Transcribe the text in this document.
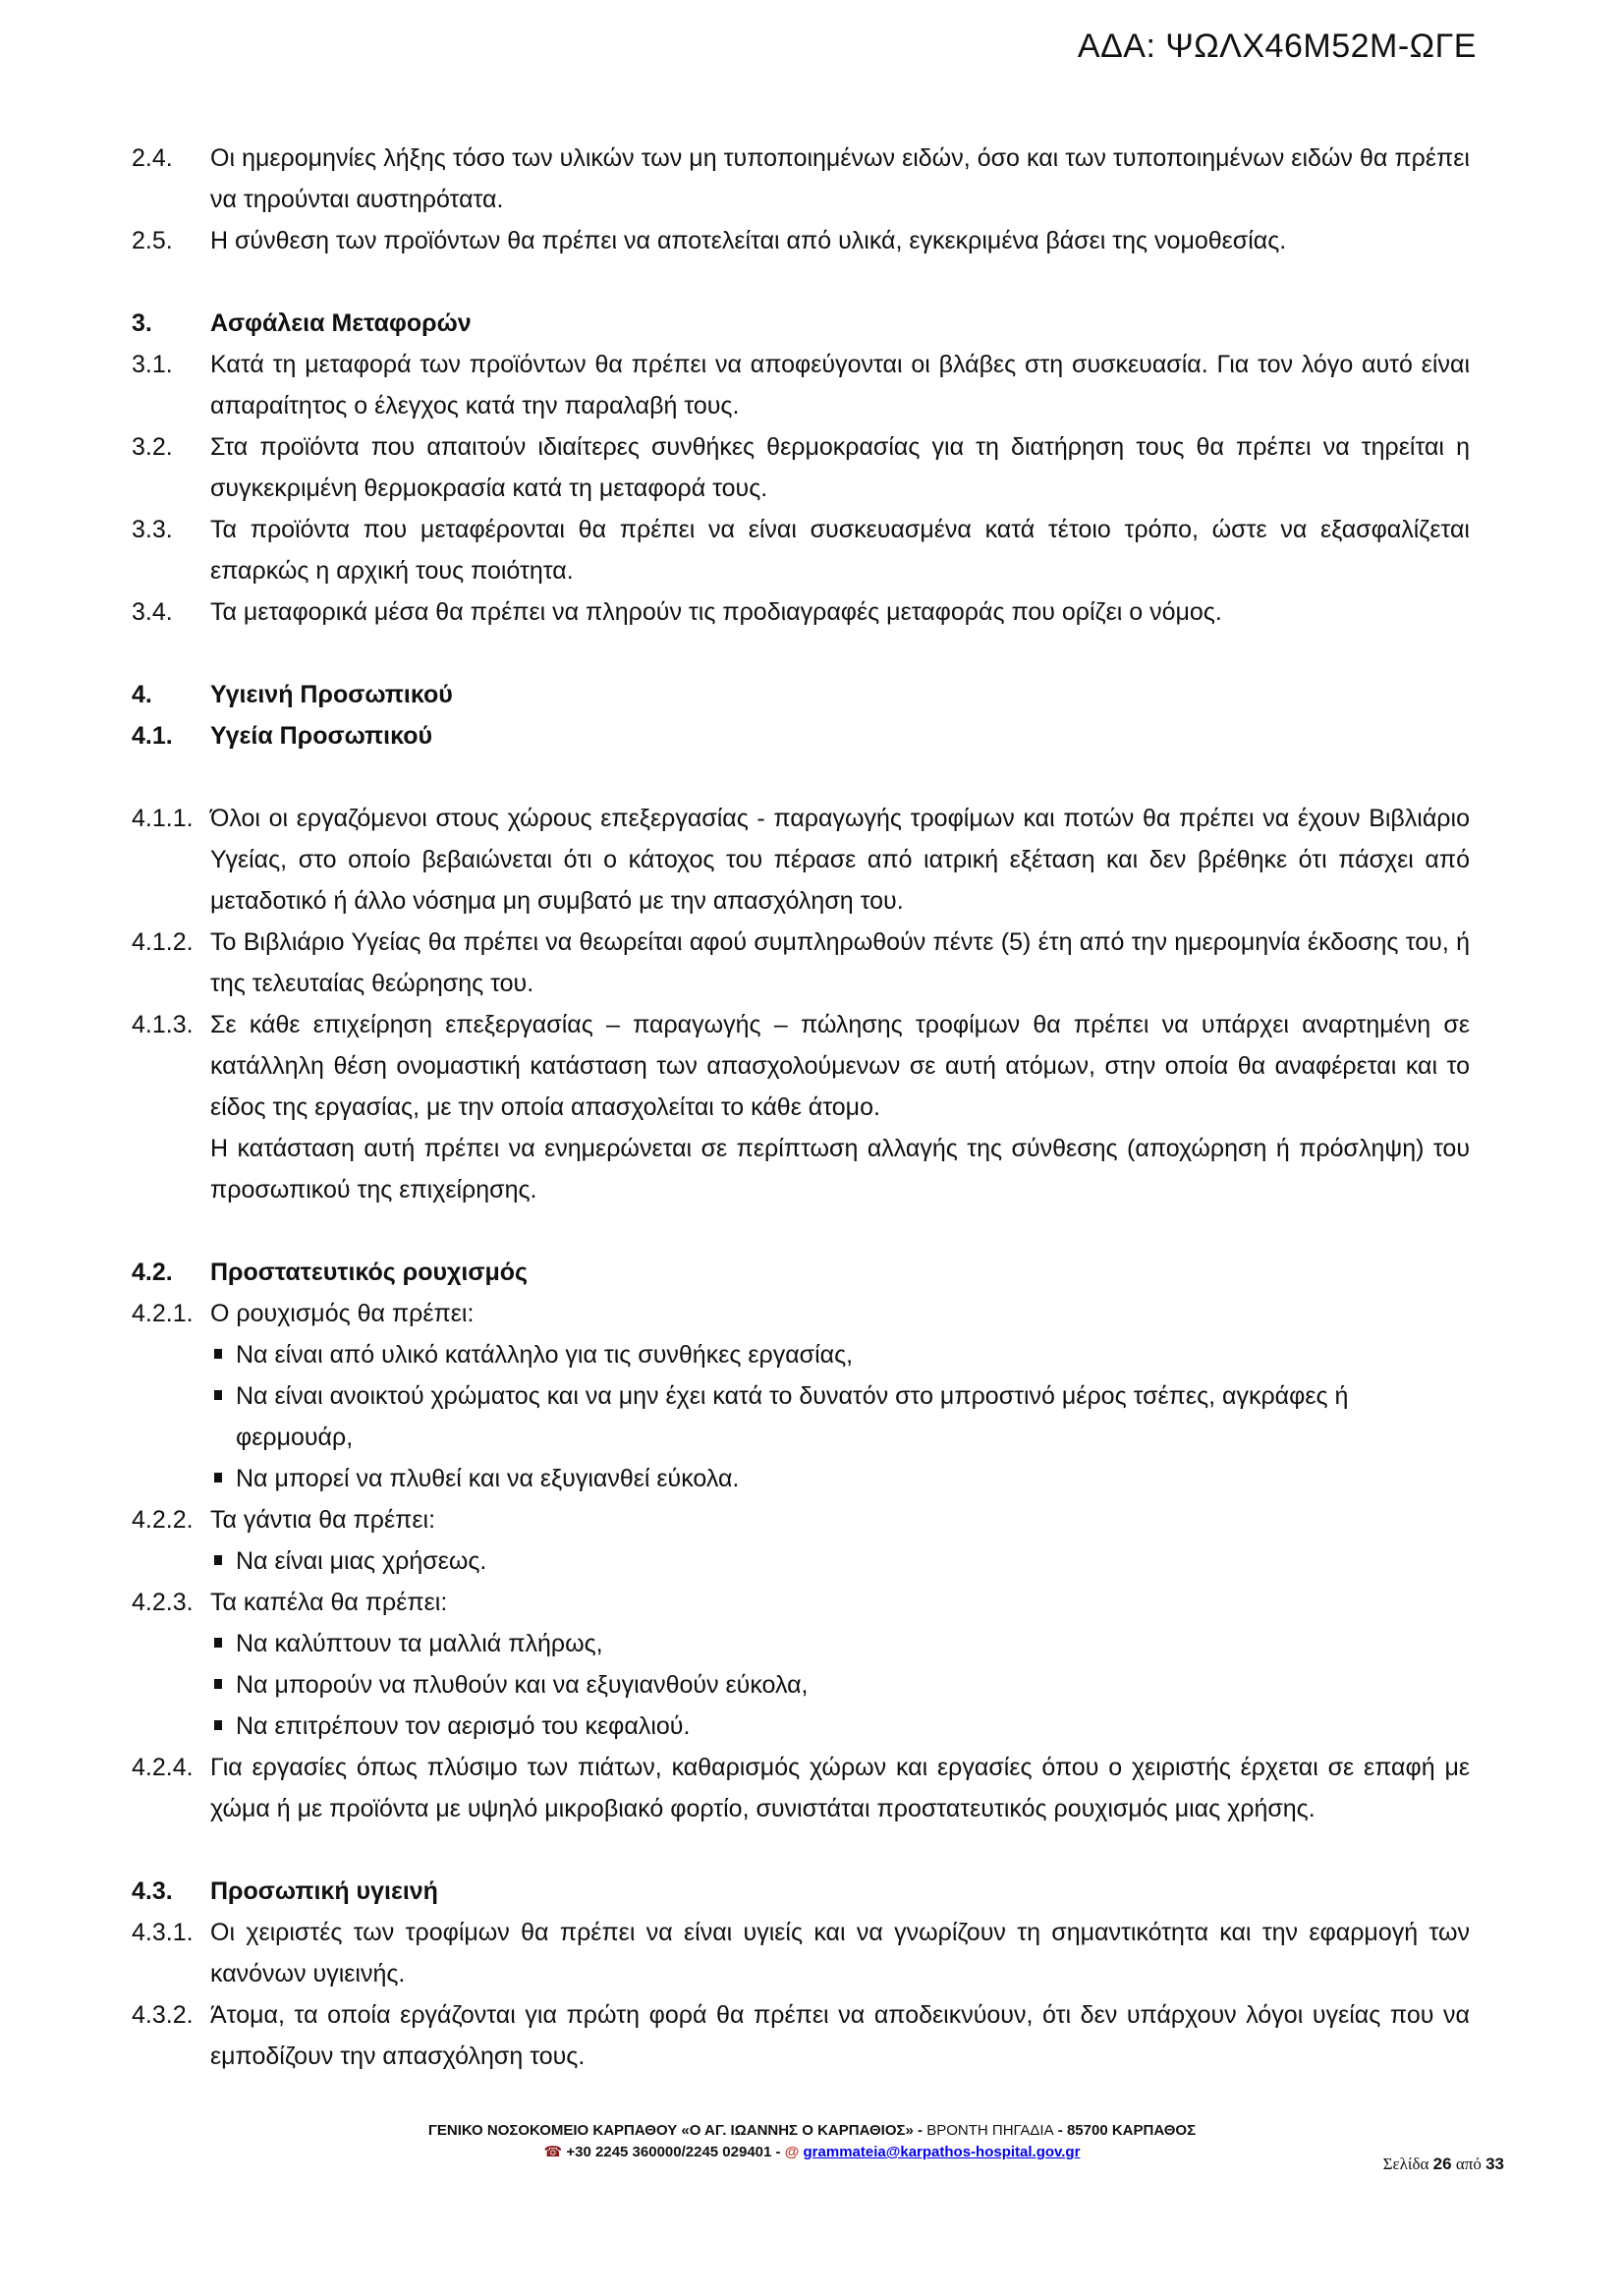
ΑΔΑ: ΨΩΛΧ46Μ52Μ-ΩΓΕ
2.4.	Οι ημερομηνίες λήξης τόσο των υλικών των μη τυποποιημένων ειδών, όσο και των τυποποιημένων ειδών θα πρέπει να τηρούνται αυστηρότατα.
2.5.	Η σύνθεση των προϊόντων θα πρέπει να αποτελείται από υλικά, εγκεκριμένα βάσει της νομοθεσίας.
3.	Ασφάλεια Μεταφορών
3.1.	Κατά τη μεταφορά των προϊόντων θα πρέπει να αποφεύγονται οι βλάβες στη συσκευασία. Για τον λόγο αυτό είναι απαραίτητος ο έλεγχος κατά την παραλαβή τους.
3.2.	Στα προϊόντα που απαιτούν ιδιαίτερες συνθήκες θερμοκρασίας για τη διατήρηση τους θα πρέπει να τηρείται η συγκεκριμένη θερμοκρασία κατά τη μεταφορά τους.
3.3.	Τα προϊόντα που μεταφέρονται θα πρέπει να είναι συσκευασμένα κατά τέτοιο τρόπο, ώστε να εξασφαλίζεται επαρκώς η αρχική τους ποιότητα.
3.4.	Τα μεταφορικά μέσα θα πρέπει να πληρούν τις προδιαγραφές μεταφοράς που ορίζει ο νόμος.
4.	Υγιεινή Προσωπικού
4.1.	Υγεία Προσωπικού
4.1.1. Όλοι οι εργαζόμενοι στους χώρους επεξεργασίας - παραγωγής τροφίμων και ποτών θα πρέπει να έχουν Βιβλιάριο Υγείας, στο οποίο βεβαιώνεται ότι ο κάτοχος του πέρασε από ιατρική εξέταση και δεν βρέθηκε ότι πάσχει από μεταδοτικό ή άλλο νόσημα μη συμβατό με την απασχόληση του.
4.1.2. Το Βιβλιάριο Υγείας θα πρέπει να θεωρείται αφού συμπληρωθούν πέντε (5) έτη από την ημερομηνία έκδοσης του, ή της τελευταίας θεώρησης του.
4.1.3. Σε κάθε επιχείρηση επεξεργασίας – παραγωγής – πώλησης τροφίμων θα πρέπει να υπάρχει αναρτημένη σε κατάλληλη θέση ονομαστική κατάσταση των απασχολούμενων σε αυτή ατόμων, στην οποία θα αναφέρεται και το είδος της εργασίας, με την οποία απασχολείται το κάθε άτομο.
Η κατάσταση αυτή πρέπει να ενημερώνεται σε περίπτωση αλλαγής της σύνθεσης (αποχώρηση ή πρόσληψη) του προσωπικού της επιχείρησης.
4.2.	Προστατευτικός ρουχισμός
4.2.1. Ο ρουχισμός θα πρέπει:
Να είναι από υλικό κατάλληλο για τις συνθήκες εργασίας,
Να είναι ανοικτού χρώματος και να μην έχει κατά το δυνατόν στο μπροστινό μέρος τσέπες, αγκράφες ή φερμουάρ,
Να μπορεί να πλυθεί και να εξυγιανθεί εύκολα.
4.2.2. Τα γάντια θα πρέπει:
Να είναι μιας χρήσεως.
4.2.3. Τα καπέλα θα πρέπει:
Να καλύπτουν τα μαλλιά πλήρως,
Να μπορούν να πλυθούν και να εξυγιανθούν εύκολα,
Να επιτρέπουν τον αερισμό του κεφαλιού.
4.2.4. Για εργασίες όπως πλύσιμο των πιάτων, καθαρισμός χώρων και εργασίες όπου ο χειριστής έρχεται σε επαφή με χώμα ή με προϊόντα με υψηλό μικροβιακό φορτίο, συνιστάται προστατευτικός ρουχισμός μιας χρήσης.
4.3.	Προσωπική υγιεινή
4.3.1. Οι χειριστές των τροφίμων θα πρέπει να είναι υγιείς και να γνωρίζουν τη σημαντικότητα και την εφαρμογή των κανόνων υγιεινής.
4.3.2. Άτομα, τα οποία εργάζονται για πρώτη φορά θα πρέπει να αποδεικνύουν, ότι δεν υπάρχουν λόγοι υγείας που να εμποδίζουν την απασχόληση τους.
ΓΕΝΙΚΟ ΝΟΣΟΚΟΜΕΙΟ ΚΑΡΠΑΘΟΥ «Ο ΑΓ. ΙΩΑΝΝΗΣ Ο ΚΑΡΠΑΘΙΟΣ» - ΒΡΟΝΤΗ ΠΗΓΑΔΙΑ - 85700 ΚΑΡΠΑΘΟΣ
☎ +30 2245 360000/2245 029401 - @ grammateia@karpathos-hospital.gov.gr
Σελίδα 26 από 33
